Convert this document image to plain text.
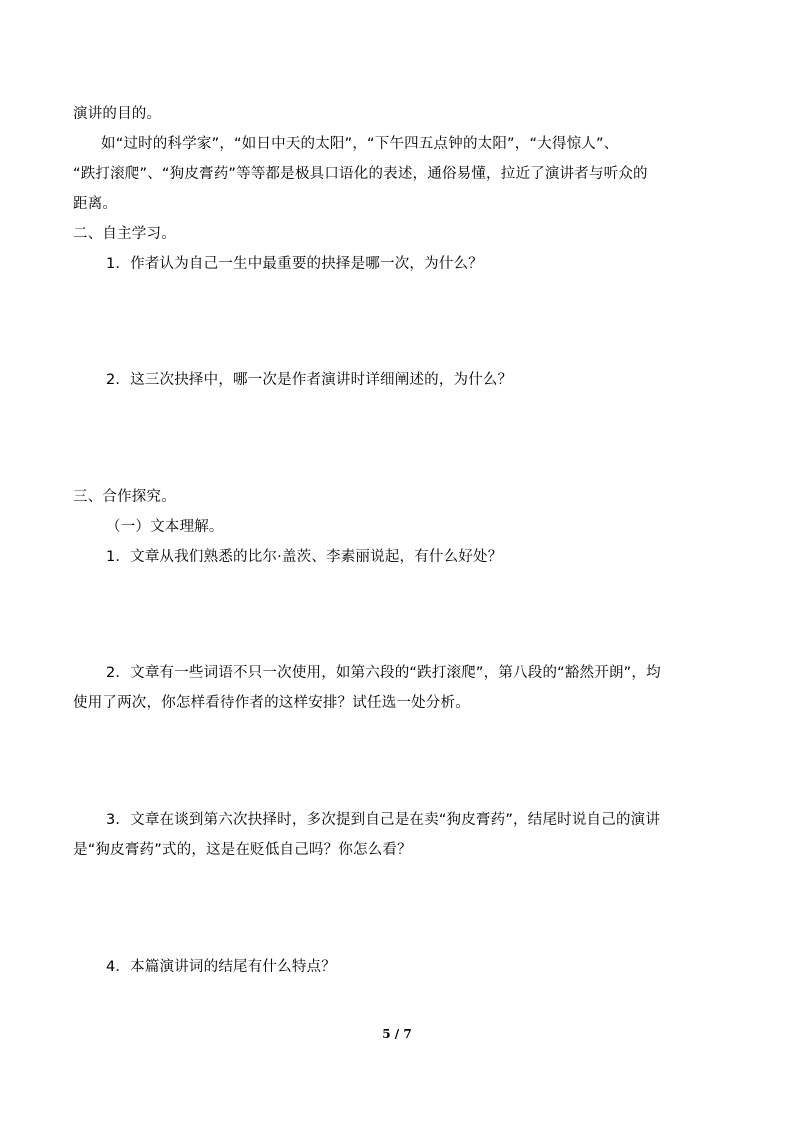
演讲的目的。
如“过时的科学家”，“如日中天的太阳”，“下午四五点钟的太阳”，“大得惊人”、
“跌打滚爬”、“狗皮膏药”等等都是极具口语化的表述，通俗易懂，拉近了演讲者与听众的
距离。
二、自主学习。
1．作者认为自己一生中最重要的抉择是哪一次，为什么？
2．这三次抉择中，哪一次是作者演讲时详细阐述的，为什么？
三、合作探究。
（一）文本理解。
1．文章从我们熟悉的比尔·盖茨、李素丽说起，有什么好处？
2．文章有一些词语不只一次使用，如第六段的“跌打滚爬”，第八段的“豁然开朗”，均
使用了两次，你怎样看待作者的这样安排？试任选一处分析。
3．文章在谈到第六次抉择时，多次提到自己是在卖“狗皮膏药”，结尾时说自己的演讲
是“狗皮膏药”式的，这是在贬低自己吗？你怎么看？
4．本篇演讲词的结尾有什么特点？
5 / 7
